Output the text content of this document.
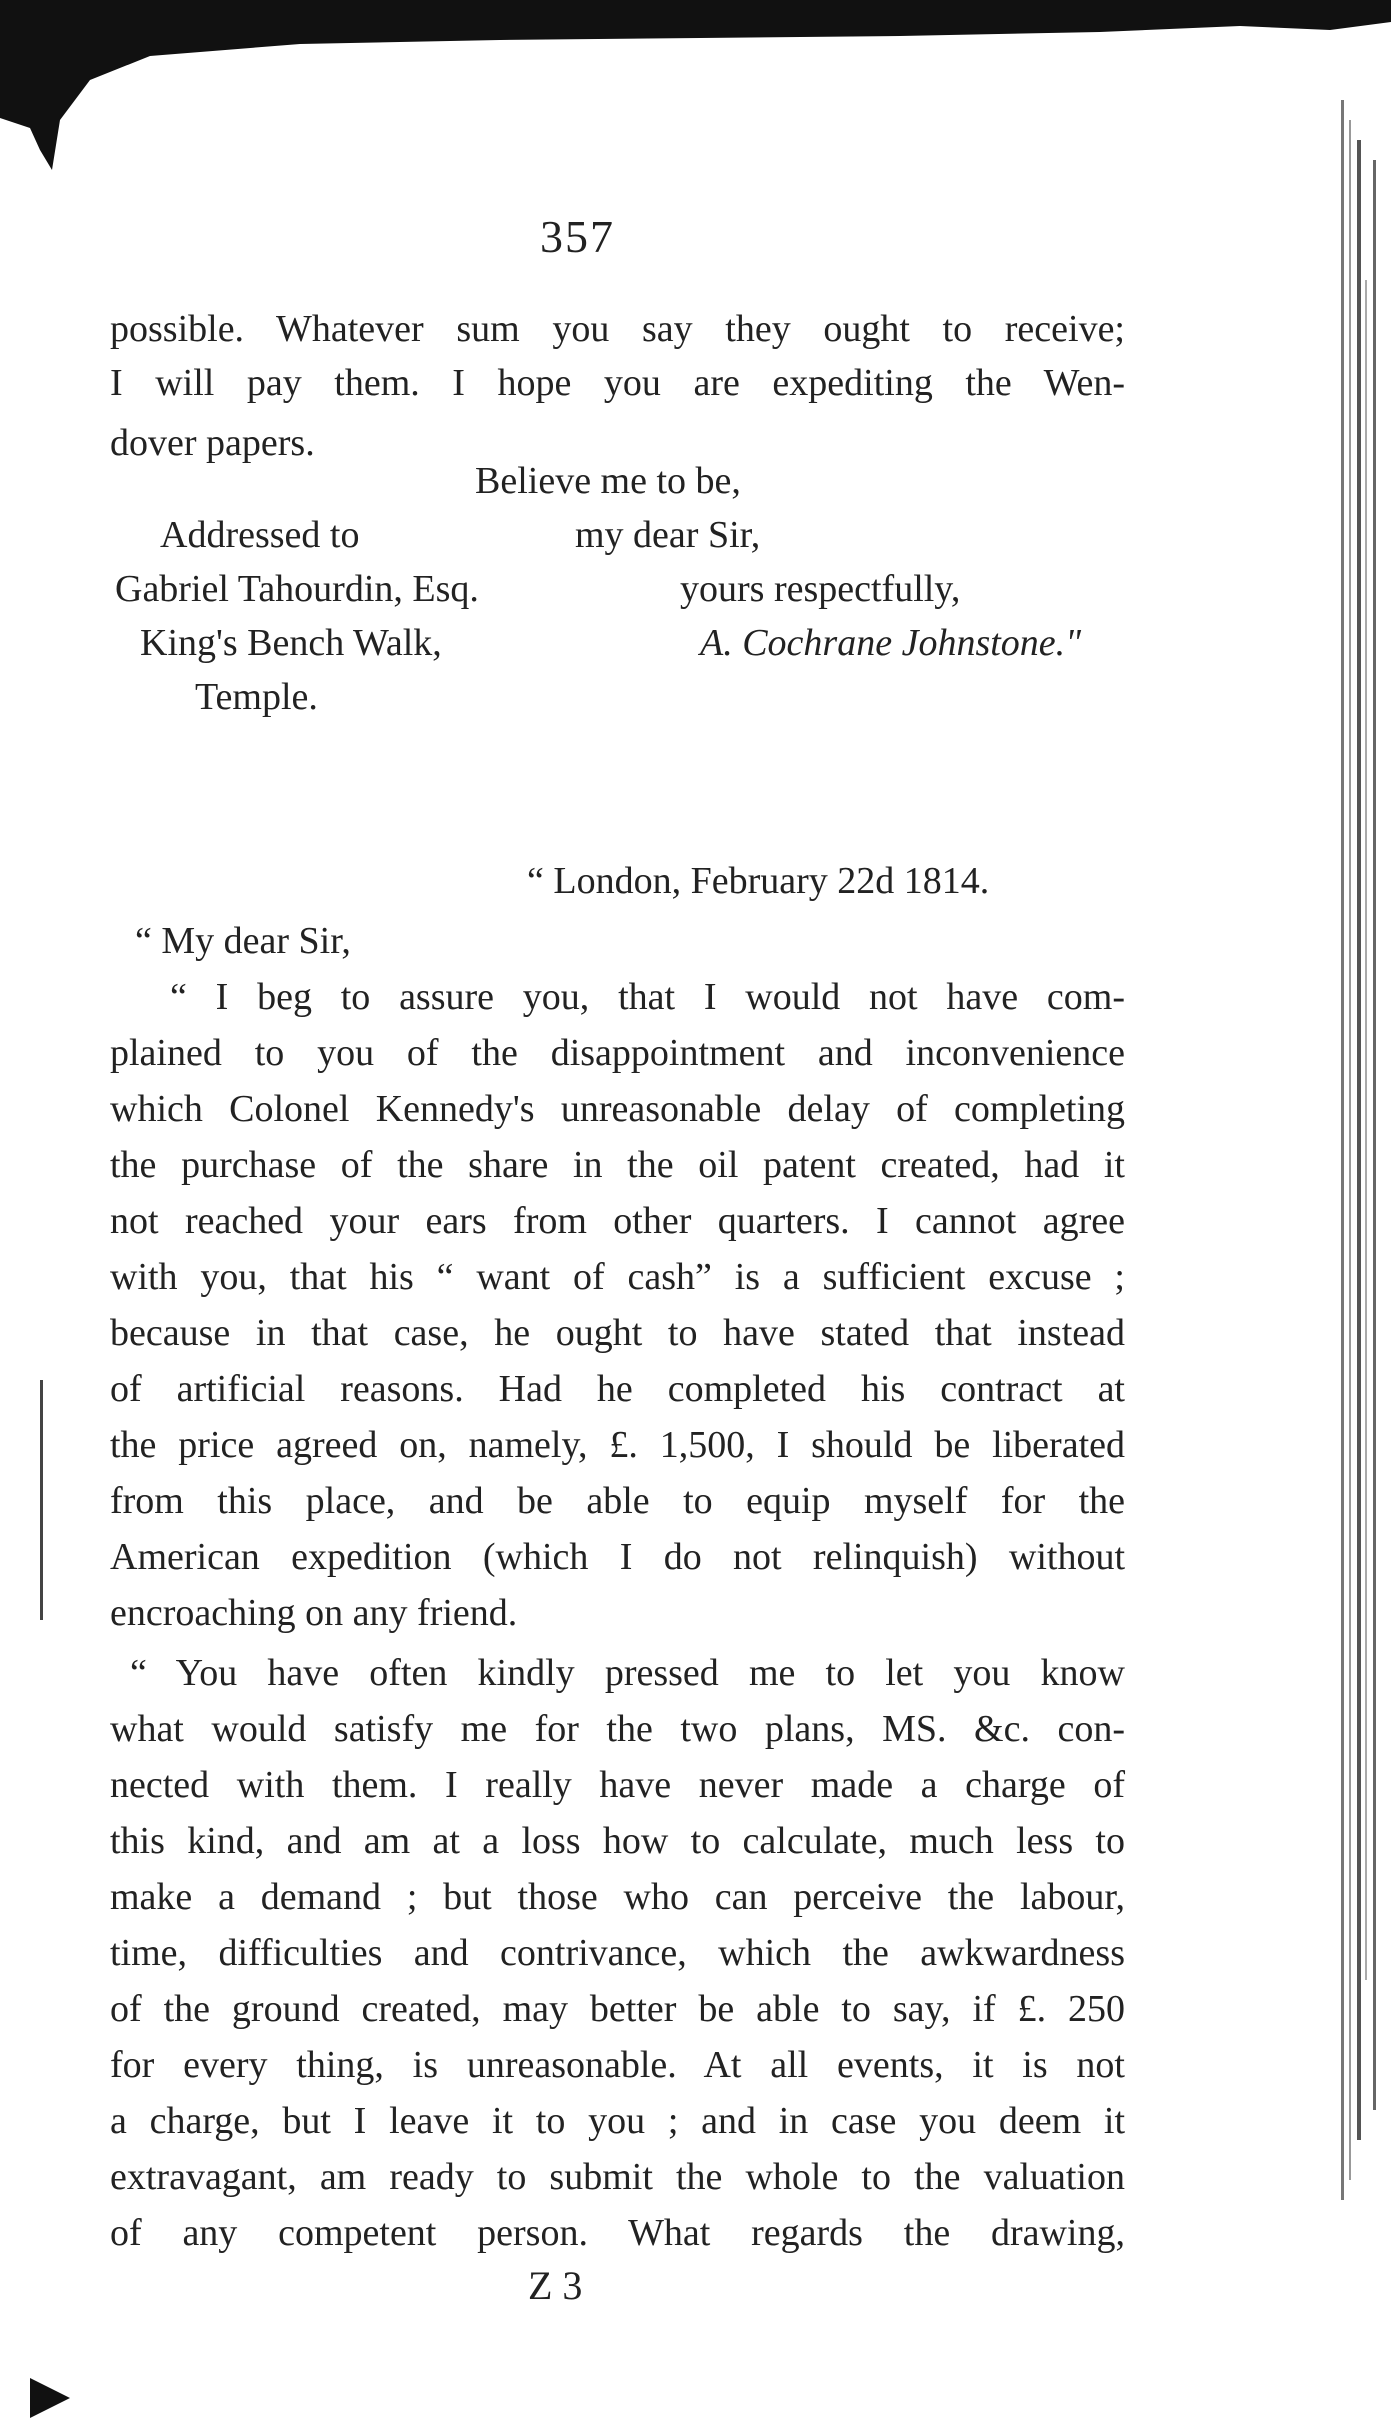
357
possible. Whatever sum you say they ought to receive;
I will pay them. I hope you are expediting the Wen-
dover papers.
Believe me to be,
my dear Sir,
yours respectfully,
A. Cochrane Johnstone."
Addressed to
Gabriel Tahourdin, Esq.
King's Bench Walk,
Temple.
“ London, February 22d 1814.
“ My dear Sir,
“ I beg to assure you, that I would not have com-
plained to you of the disappointment and inconvenience
which Colonel Kennedy's unreasonable delay of completing
the purchase of the share in the oil patent created, had it
not reached your ears from other quarters. I cannot agree
with you, that his “ want of cash” is a sufficient excuse ;
because in that case, he ought to have stated that instead
of artificial reasons. Had he completed his contract at
the price agreed on, namely, £. 1,500, I should be liberated
from this place, and be able to equip myself for the
American expedition (which I do not relinquish) without
encroaching on any friend.
“ You have often kindly pressed me to let you know
what would satisfy me for the two plans, MS. &c. con-
nected with them. I really have never made a charge of
this kind, and am at a loss how to calculate, much less to
make a demand ; but those who can perceive the labour,
time, difficulties and contrivance, which the awkwardness
of the ground created, may better be able to say, if £. 250
for every thing, is unreasonable. At all events, it is not
a charge, but I leave it to you ; and in case you deem it
extravagant, am ready to submit the whole to the valuation
of any competent person. What regards the drawing,
Z 3
